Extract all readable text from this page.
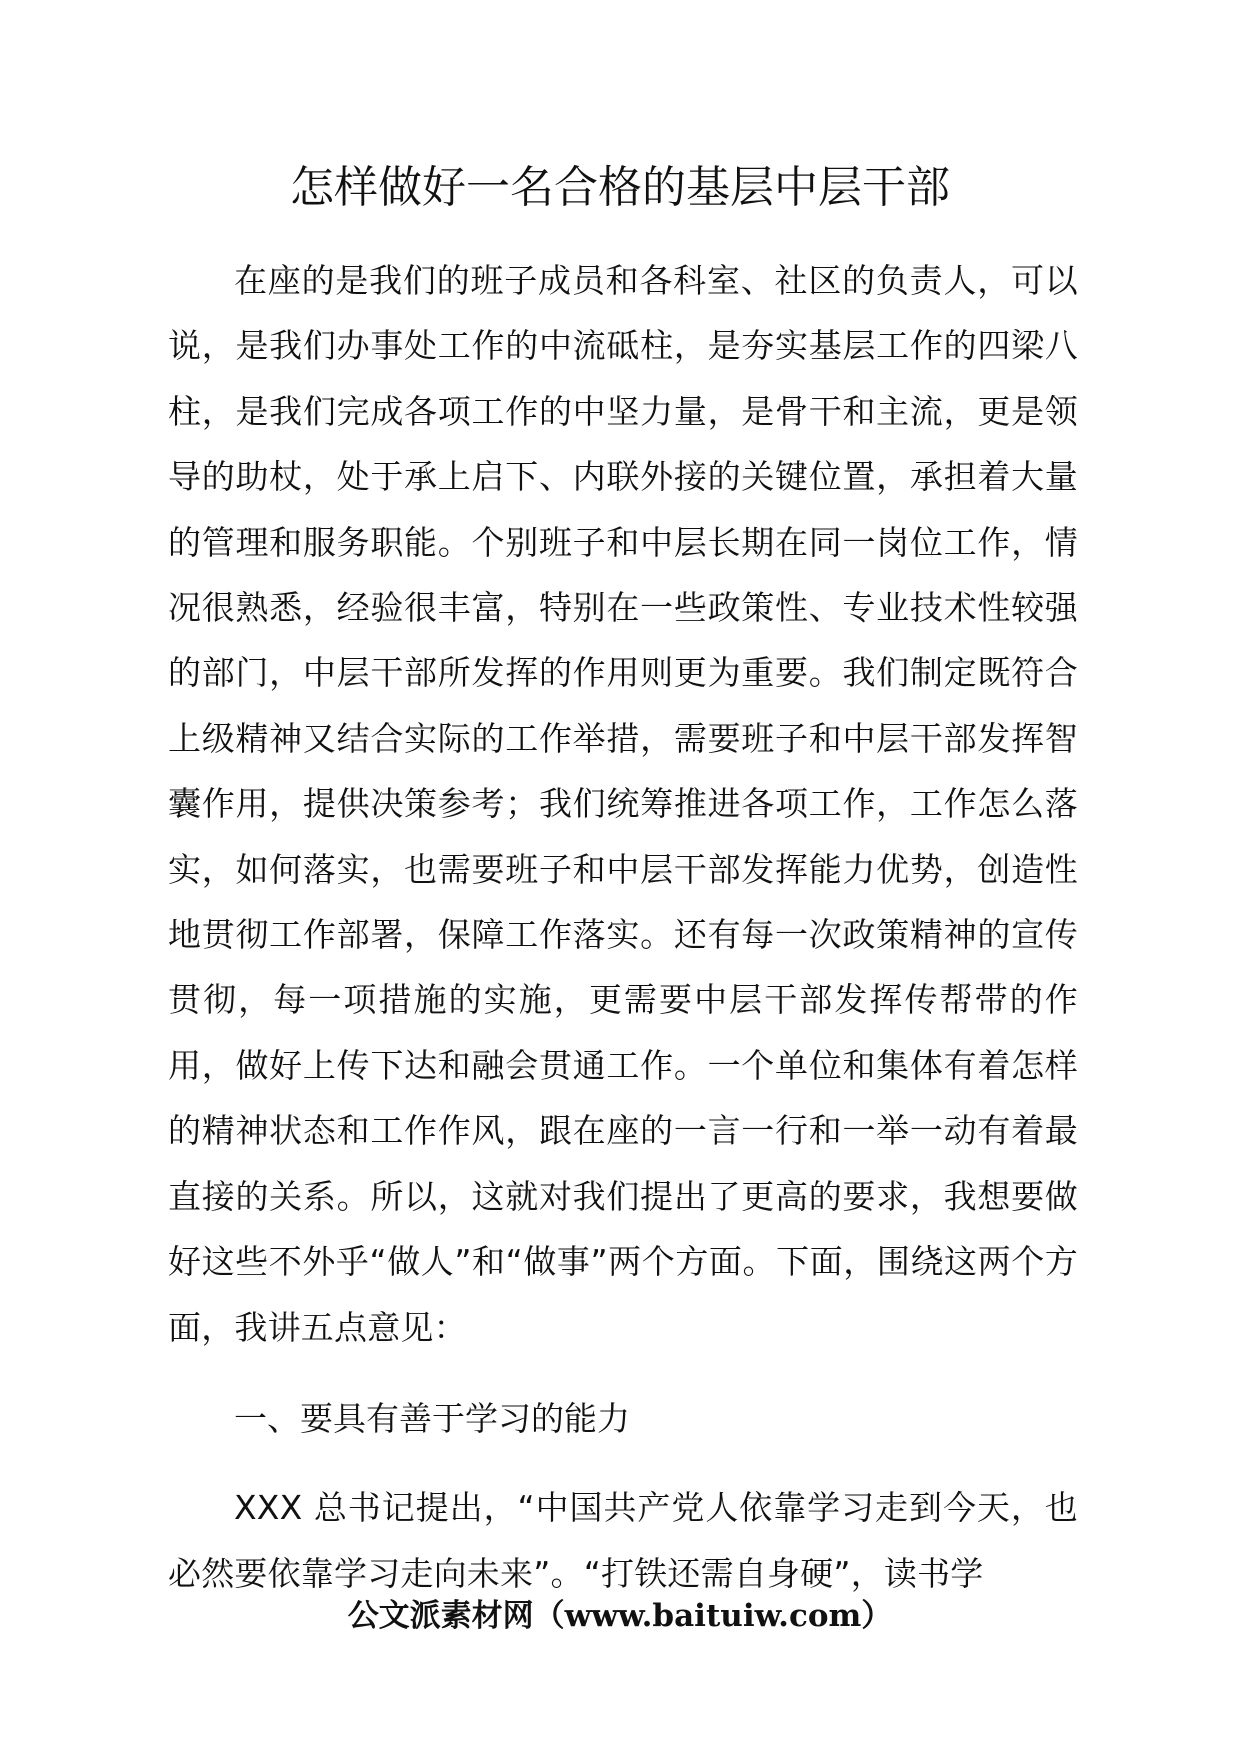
怎样做好一名合格的基层中层干部

在座的是我们的班子成员和各科室、社区的负责人，可以说，是我们办事处工作的中流砥柱，是夯实基层工作的四梁八柱，是我们完成各项工作的中坚力量，是骨干和主流，更是领导的助杖，处于承上启下、内联外接的关键位置，承担着大量的管理和服务职能。个别班子和中层长期在同一岗位工作，情况很熟悉，经验很丰富，特别在一些政策性、专业技术性较强的部门，中层干部所发挥的作用则更为重要。我们制定既符合上级精神又结合实际的工作举措，需要班子和中层干部发挥智囊作用，提供决策参考；我们统筹推进各项工作，工作怎么落实，如何落实，也需要班子和中层干部发挥能力优势，创造性地贯彻工作部署，保障工作落实。还有每一次政策精神的宣传贯彻，每一项措施的实施，更需要中层干部发挥传帮带的作用，做好上传下达和融会贯通工作。一个单位和集体有着怎样的精神状态和工作作风，跟在座的一言一行和一举一动有着最直接的关系。所以，这就对我们提出了更高的要求，我想要做好这些不外乎“做人”和“做事”两个方面。下面，围绕这两个方面，我讲五点意见：

一、要具有善于学习的能力

XXX 总书记提出，“中国共产党人依靠学习走到今天，也必然要依靠学习走向未来”。“打铁还需自身硬”，读书学

公文派素材网（www.baituiw.com）
